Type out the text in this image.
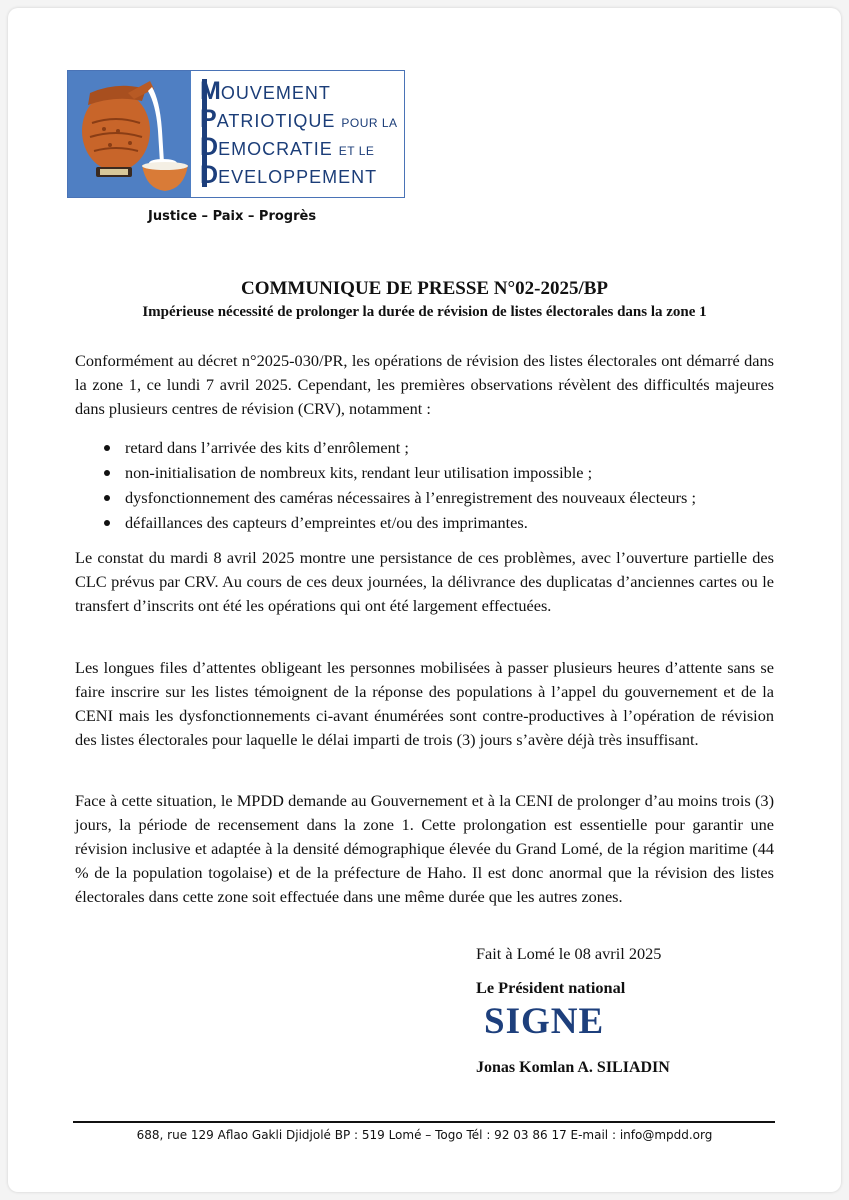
MOUVEMENT
PATRIOTIQUE POUR LA
DEMOCRATIE ET LE
DEVELOPPEMENT
Justice – Paix – Progrès
COMMUNIQUE DE PRESSE N°02-2025/BP
Impérieuse nécessité de prolonger la durée de révision de listes électorales dans la zone 1
Conformément au décret n°2025-030/PR, les opérations de révision des listes électorales ont démarré dans la zone 1, ce lundi 7 avril 2025. Cependant, les premières observations révèlent des difficultés majeures dans plusieurs centres de révision (CRV), notamment :
retard dans l’arrivée des kits d’enrôlement ;
non-initialisation de nombreux kits, rendant leur utilisation impossible ;
dysfonctionnement des caméras nécessaires à l’enregistrement des nouveaux électeurs ;
défaillances des capteurs d’empreintes et/ou des imprimantes.
Le constat du mardi 8 avril 2025 montre une persistance de ces problèmes, avec l’ouverture partielle des CLC prévus par CRV. Au cours de ces deux journées, la délivrance des duplicatas d’anciennes cartes ou le transfert d’inscrits ont été les opérations qui ont été largement effectuées.
Les longues files d’attentes obligeant les personnes mobilisées à passer plusieurs heures d’attente sans se faire inscrire sur les listes témoignent de la réponse des populations à l’appel du gouvernement et de la CENI mais les dysfonctionnements ci-avant énumérées sont contre-productives à l’opération de révision des listes électorales pour laquelle le délai imparti de trois (3) jours s’avère déjà très insuffisant.
Face à cette situation, le MPDD demande au Gouvernement et à la CENI de prolonger d’au moins trois (3) jours, la période de recensement dans la zone 1. Cette prolongation est essentielle pour garantir une révision inclusive et adaptée à la densité démographique élevée du Grand Lomé, de la région maritime (44 % de la population togolaise) et de la préfecture de Haho. Il est donc anormal que la révision des listes électorales dans cette zone soit effectuée dans une même durée que les autres zones.
Fait à Lomé le 08 avril 2025
Le Président national
SIGNE
Jonas Komlan A. SILIADIN
688, rue 129 Aflao Gakli Djidjolé BP : 519 Lomé – Togo Tél : 92 03 86 17 E-mail : info@mpdd.org
